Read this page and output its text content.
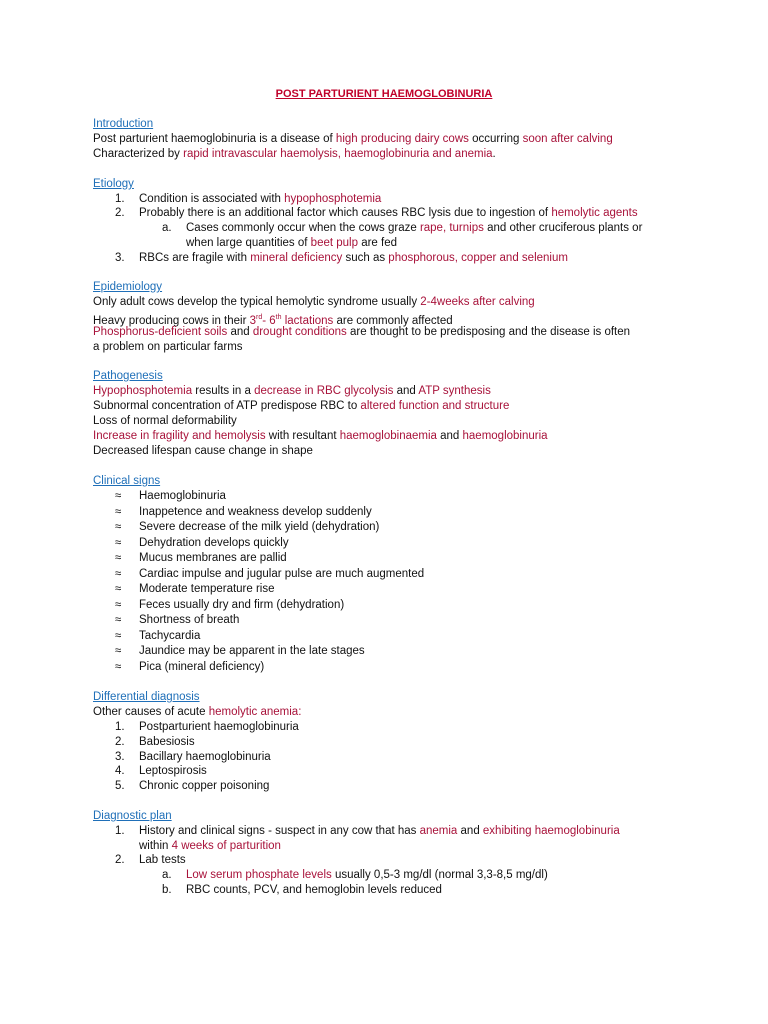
POST PARTURIENT HAEMOGLOBINURIA
Introduction
Post parturient haemoglobinuria is a disease of high producing dairy cows occurring soon after calving
Characterized by rapid intravascular haemolysis, haemoglobinuria and anemia.
Etiology
1. Condition is associated with hypophosphotemia
2. Probably there is an additional factor which causes RBC lysis due to ingestion of hemolytic agents
a. Cases commonly occur when the cows graze rape, turnips and other cruciferous plants or
when large quantities of beet pulp are fed
3. RBCs are fragile with mineral deficiency such as phosphorous, copper and selenium
Epidemiology
Only adult cows develop the typical hemolytic syndrome usually 2-4weeks after calving
Heavy producing cows in their 3rd- 6th lactations are commonly affected
Phosphorus-deficient soils and drought conditions are thought to be predisposing and the disease is often
a problem on particular farms
Pathogenesis
Hypophosphotemia results in a decrease in RBC glycolysis and ATP synthesis
Subnormal concentration of ATP predispose RBC to altered function and structure
Loss of normal deformability
Increase in fragility and hemolysis with resultant haemoglobinaemia and haemoglobinuria
Decreased lifespan cause change in shape
Clinical signs
≈ Haemoglobinuria
≈ Inappetence and weakness develop suddenly
≈ Severe decrease of the milk yield (dehydration)
≈ Dehydration develops quickly
≈ Mucus membranes are pallid
≈ Cardiac impulse and jugular pulse are much augmented
≈ Moderate temperature rise
≈ Feces usually dry and firm (dehydration)
≈ Shortness of breath
≈ Tachycardia
≈ Jaundice may be apparent in the late stages
≈ Pica (mineral deficiency)
Differential diagnosis
Other causes of acute hemolytic anemia:
1. Postparturient haemoglobinuria
2. Babesiosis
3. Bacillary haemoglobinuria
4. Leptospirosis
5. Chronic copper poisoning
Diagnostic plan
1. History and clinical signs - suspect in any cow that has anemia and exhibiting haemoglobinuria
within 4 weeks of parturition
2. Lab tests
a. Low serum phosphate levels usually 0,5-3 mg/dl (normal 3,3-8,5 mg/dl)
b. RBC counts, PCV, and hemoglobin levels reduced
